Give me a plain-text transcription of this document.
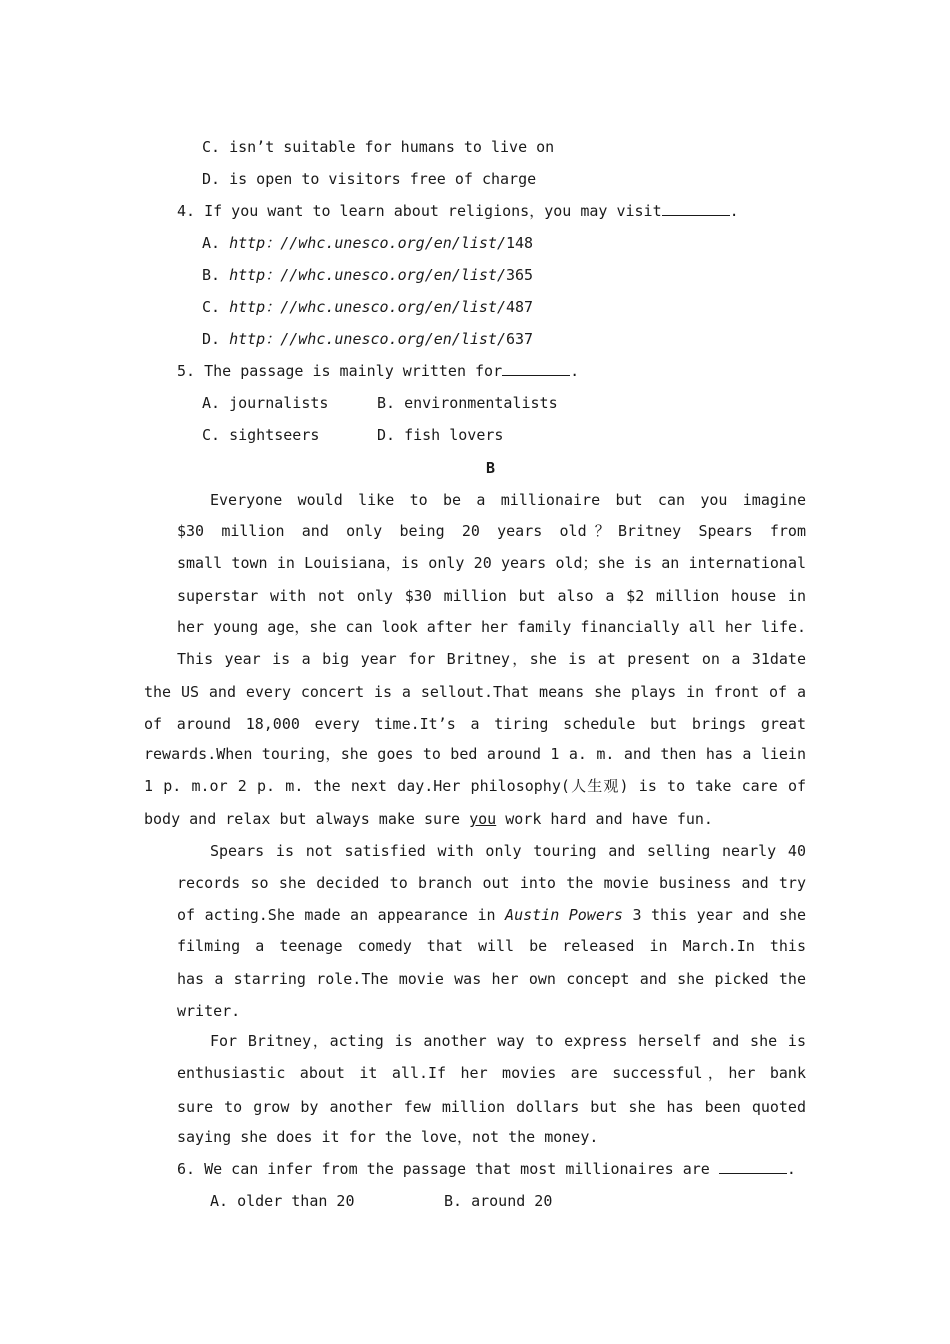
C. isn’t suitable for humans to live on
D. is open to visitors free of charge
4. If you want to learn about religions，you may visit	.
A. http：//whc.unesco.org/en/list/148
B. http：//whc.unesco.org/en/list/365
C. http：//whc.unesco.org/en/list/487
D. http：//whc.unesco.org/en/list/637
5. The passage is mainly written for	.
A. journalists	B. environmentalists
C. sightseers	D. fish lovers
B
Everyone would like to be a millionaire but can you imagine
$30 million and only being 20 years old？Britney Spears from
small town in Louisiana，is only 20 years old；she is an international
superstar with not only $30 million but also a $2 million house in
her young age，she can look after her family financially all her life.
This year is a big year for Britney，she is at present on a 31date
the US and every concert is a sellout.That means she plays in front of a
of around 18,000 every time.It’s a tiring schedule but brings great
rewards.When touring，she goes to bed around 1 a. m. and then has a liein
1 p. m.or 2 p. m. the next day.Her philosophy(人生观) is to take care of
body and relax but always make sure you work hard and have fun.
Spears is not satisfied with only touring and selling nearly 40
records so she decided to branch out into the movie business and try
of acting.She made an appearance in Austin Powers 3 this year and she
filming a teenage comedy that will be released in March.In this
has a starring role.The movie was her own concept and she picked the
writer.
For Britney，acting is another way to express herself and she is
enthusiastic about it all.If her movies are successful，her bank
sure to grow by another few million dollars but she has been quoted
saying she does it for the love，not the money.
6. We can infer from the passage that most millionaires are	.
A. older than 20	B. around 20
